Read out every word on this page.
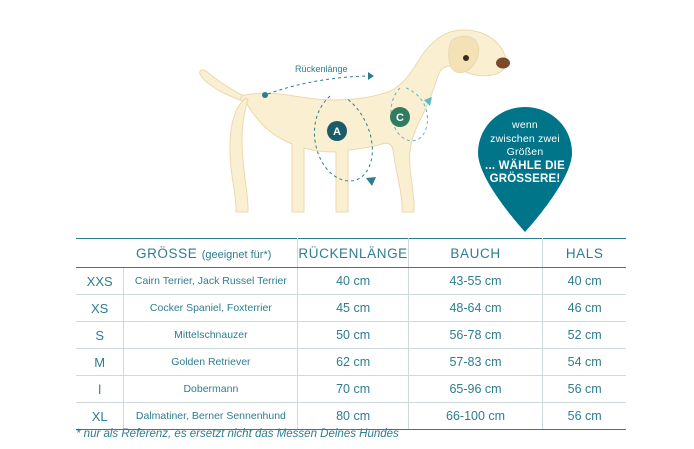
Rückenlänge
A
C
wenn
zwischen zwei
Größen
... WÄHLE DIE
GRÖSSERE!
GRÖSSE (geeignet für*)		RÜCKENLÄNGE	BAUCH	HALS
XXS	Cairn Terrier, Jack Russel Terrier	40 cm	43-55 cm	40 cm
XS	Cocker Spaniel, Foxterrier	45 cm	48-64 cm	46 cm
S	Mittelschnauzer	50 cm	56-78 cm	52 cm
M	Golden Retriever	62 cm	57-83 cm	54 cm
l	Dobermann	70 cm	65-96 cm	56 cm
XL	Dalmatiner, Berner Sennenhund	80 cm	66-100 cm	56 cm
* nur als Referenz, es ersetzt nicht das Messen Deines Hundes
